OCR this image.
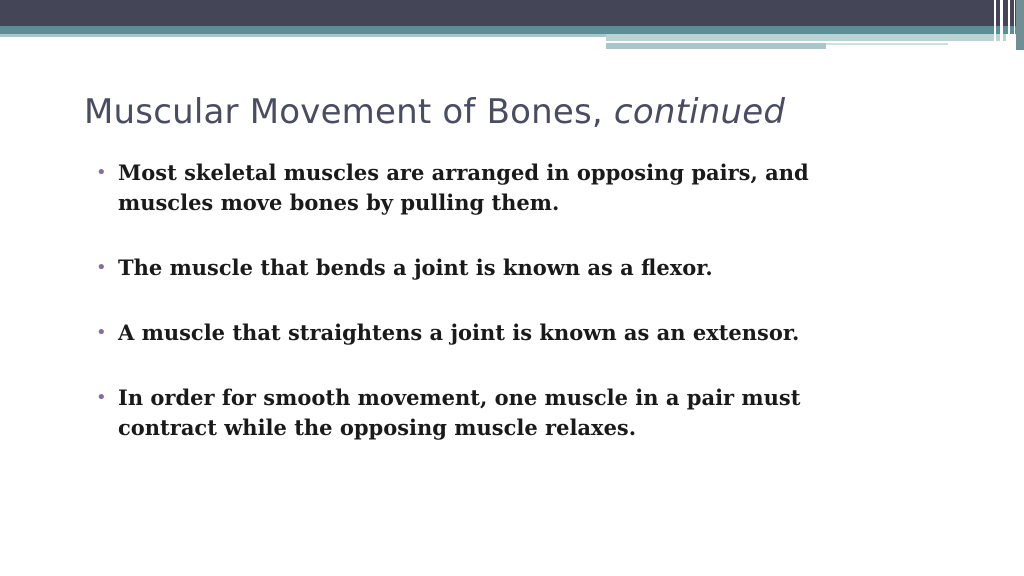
Muscular Movement of Bones, continued
• Most skeletal muscles are arranged in opposing pairs, and muscles move bones by pulling them.
• The muscle that bends a joint is known as a flexor.
• A muscle that straightens a joint is known as an extensor.
• In order for smooth movement, one muscle in a pair must contract while the opposing muscle relaxes.
